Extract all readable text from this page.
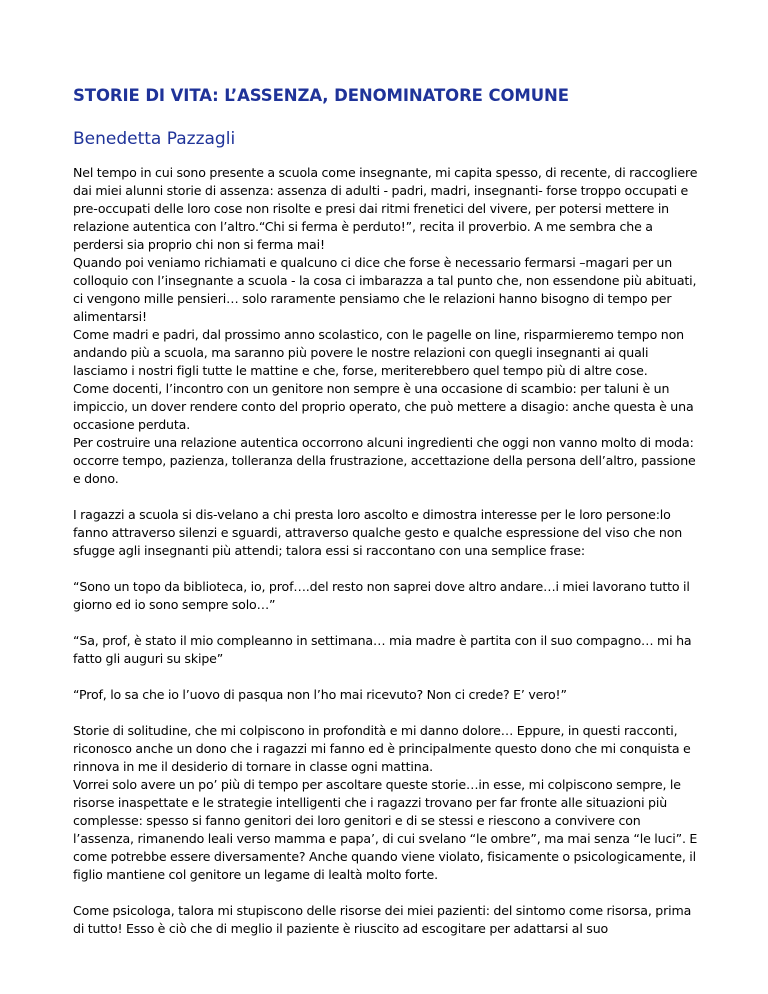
STORIE DI VITA: L’ASSENZA, DENOMINATORE COMUNE
Benedetta Pazzagli

Nel tempo in cui sono presente a scuola come insegnante, mi capita spesso, di recente, di raccogliere dai miei alunni storie di assenza: assenza di adulti - padri, madri, insegnanti- forse troppo occupati e pre-occupati delle loro cose non risolte e presi dai ritmi frenetici del vivere, per potersi mettere in relazione autentica con l’altro.“Chi si ferma è perduto!”, recita il proverbio. A me sembra che a perdersi sia proprio chi non si ferma mai!

Quando poi veniamo richiamati e qualcuno ci dice che forse è necessario fermarsi –magari per un colloquio con l’insegnante a scuola - la cosa ci imbarazza a tal punto che, non essendone più abituati, ci vengono mille pensieri… solo raramente pensiamo che le relazioni hanno bisogno di tempo per alimentarsi!

Come madri e padri, dal prossimo anno scolastico, con le pagelle on line, risparmieremo tempo non andando più a scuola, ma saranno più povere le nostre relazioni con quegli insegnanti ai quali lasciamo i nostri figli tutte le mattine e che, forse, meriterebbero quel tempo più di altre cose.

Come docenti, l’incontro con un genitore non sempre è una occasione di scambio: per taluni è un impiccio, un dover rendere conto del proprio operato, che può mettere a disagio: anche questa è una occasione perduta.

Per costruire una relazione autentica occorrono alcuni ingredienti che oggi non vanno molto di moda: occorre tempo, pazienza, tolleranza della frustrazione, accettazione della persona dell’altro, passione e dono.

I ragazzi a scuola si dis-velano a chi presta loro ascolto e dimostra interesse per le loro persone:lo fanno attraverso silenzi e sguardi, attraverso qualche gesto e qualche espressione del viso che non sfugge agli insegnanti più attendi; talora essi si raccontano con una semplice frase:

“Sono un topo da biblioteca, io, prof….del resto non saprei dove altro andare…i miei lavorano tutto il giorno ed io sono sempre solo…”

“Sa, prof, è stato il mio compleanno in settimana… mia madre è partita con il suo compagno… mi ha fatto gli auguri su skipe”

“Prof, lo sa che io l’uovo di pasqua non l’ho mai ricevuto? Non ci crede? E’ vero!”

Storie di solitudine, che mi colpiscono in profondità e mi danno dolore… Eppure, in questi racconti, riconosco anche un dono che i ragazzi mi fanno ed è principalmente questo dono che mi conquista e rinnova in me il desiderio di tornare in classe ogni mattina.

Vorrei solo avere un po’ più di tempo per ascoltare queste storie…in esse, mi colpiscono sempre, le risorse inaspettate e le strategie intelligenti che i ragazzi trovano per far fronte alle situazioni più complesse: spesso si fanno genitori dei loro genitori e di se stessi e riescono a convivere con l’assenza, rimanendo leali verso mamma e papa’, di cui svelano “le ombre”, ma mai senza “le luci”. E come potrebbe essere diversamente? Anche quando viene violato, fisicamente o psicologicamente, il figlio mantiene col genitore un legame di lealtà molto forte.

Come psicologa, talora mi stupiscono delle risorse dei miei pazienti: del sintomo come risorsa, prima di tutto! Esso è ciò che di meglio il paziente è riuscito ad escogitare per adattarsi al suo
